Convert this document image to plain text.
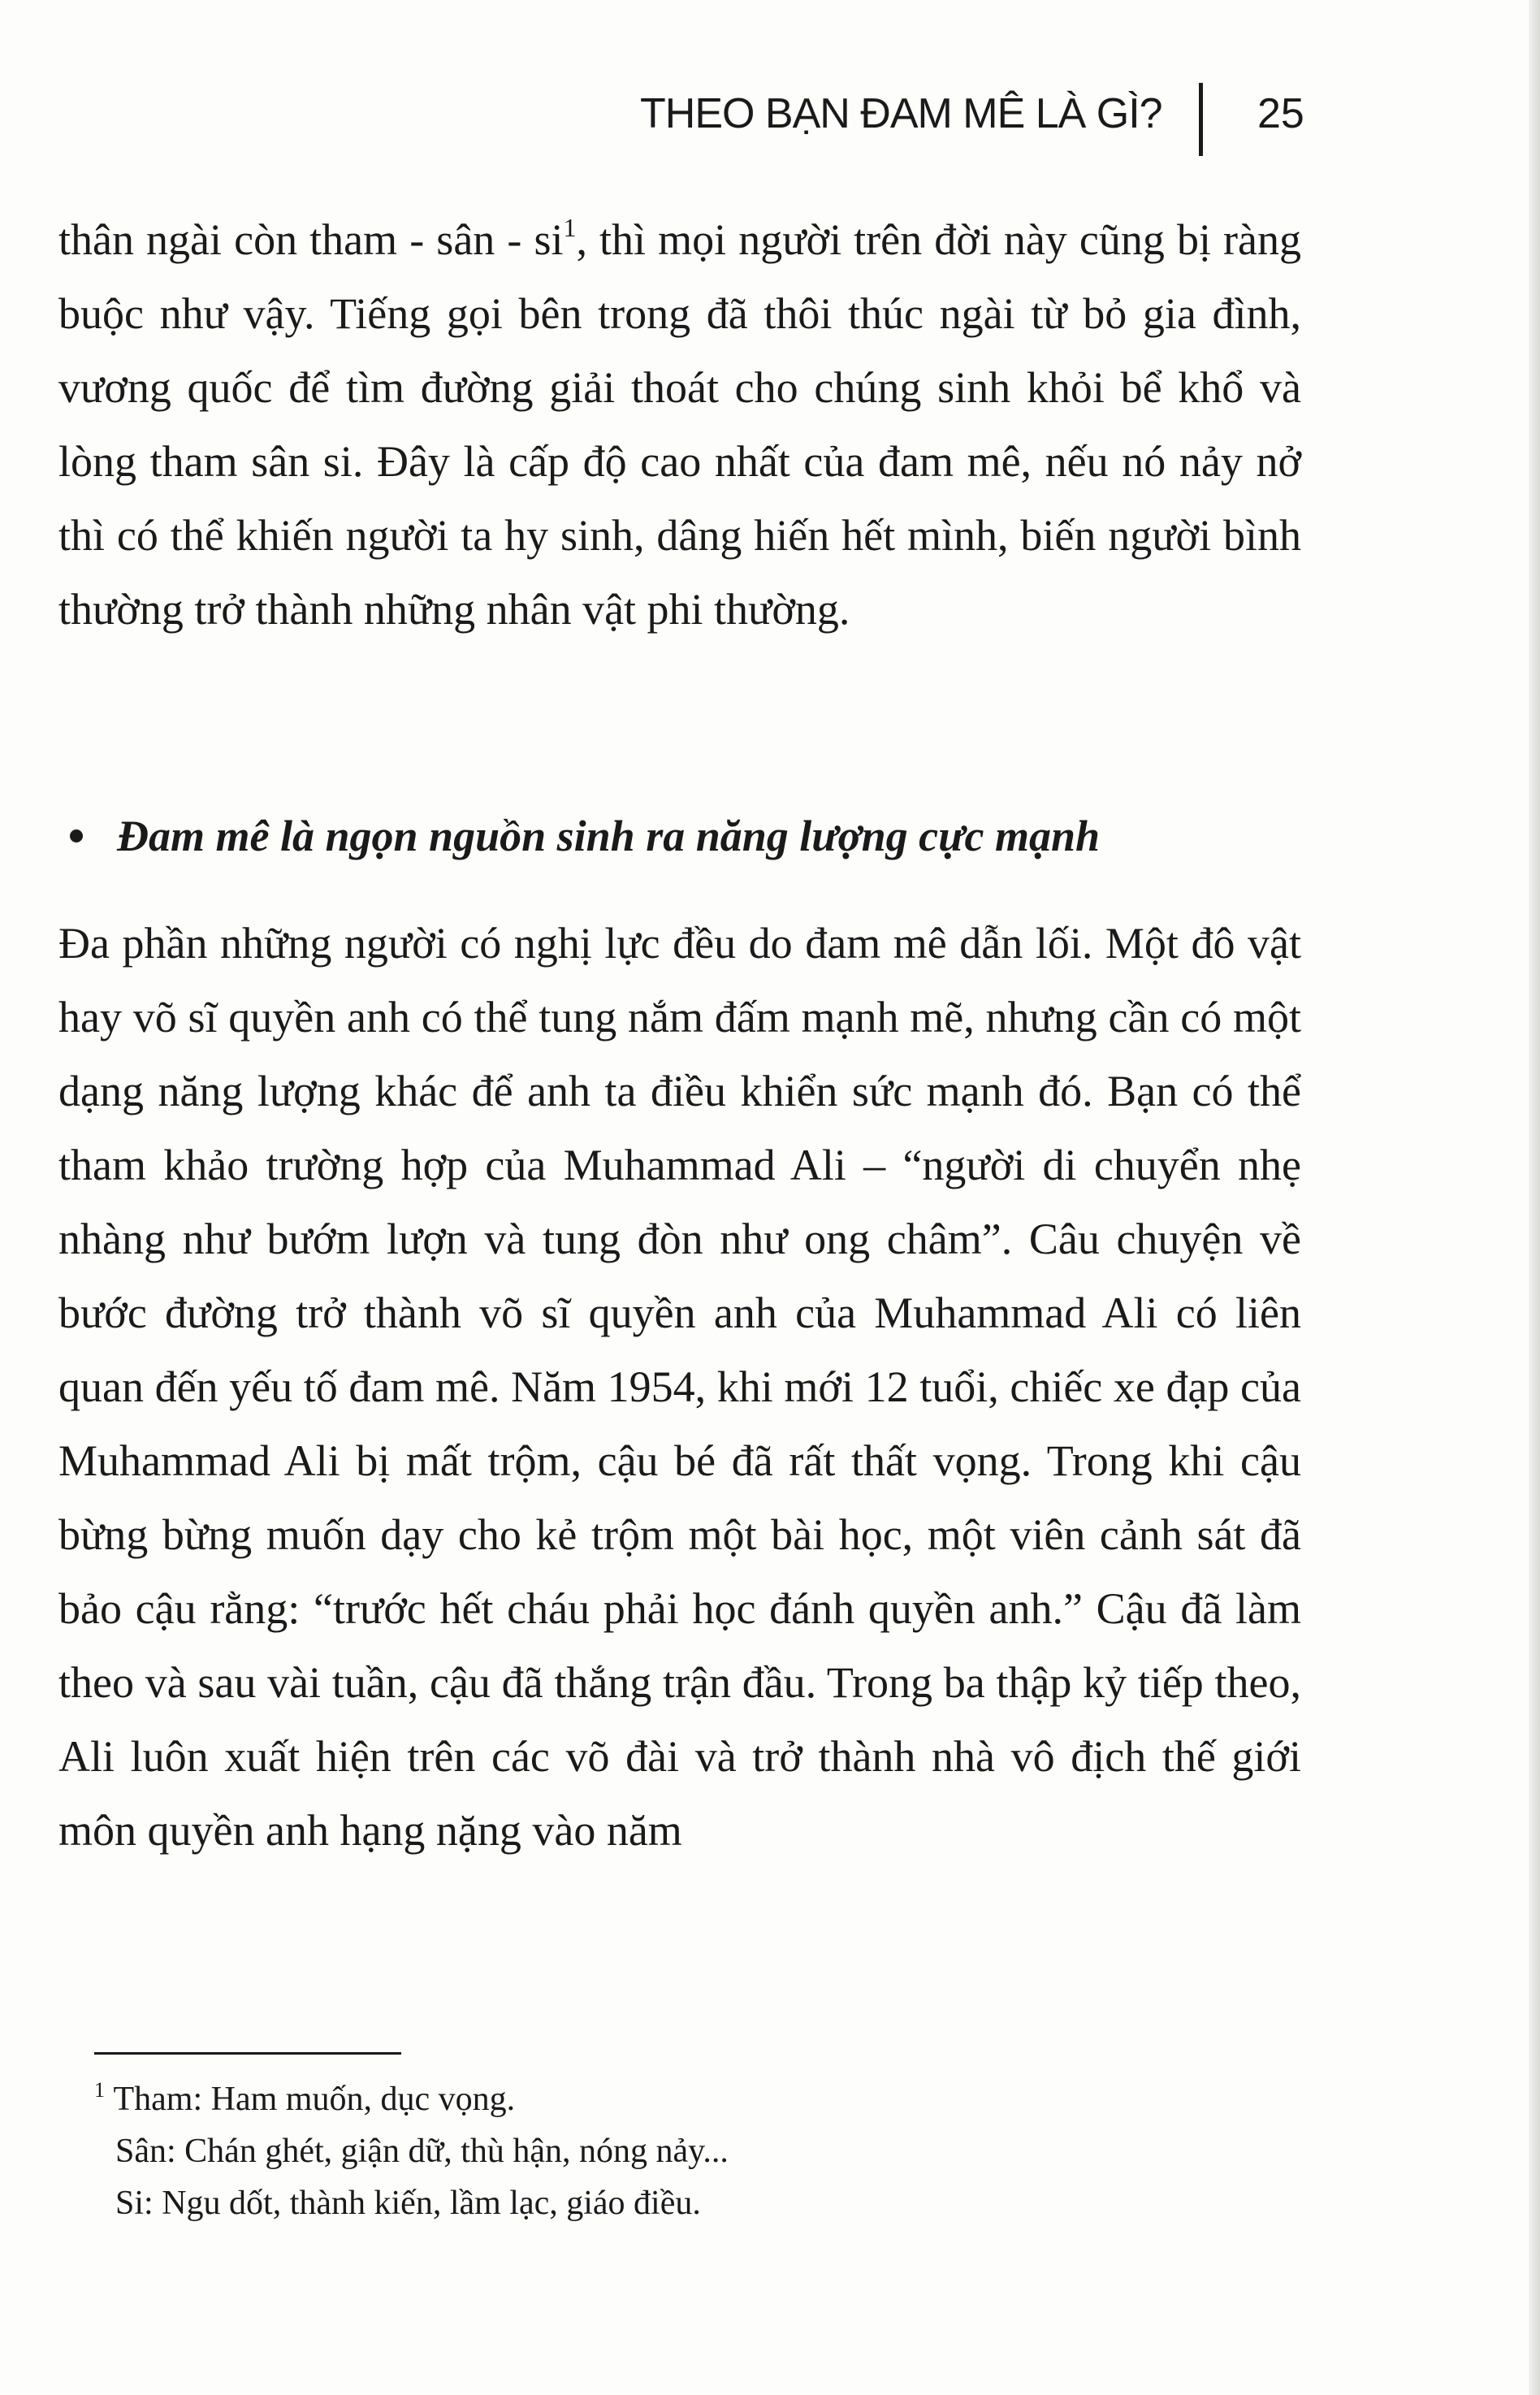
THEO BẠN ĐAM MÊ LÀ GÌ? 25

thân ngài còn tham - sân - $si^1$, thì mọi người trên đời này cũng bị ràng buộc như vậy. Tiếng gọi bên trong đã thôi thúc ngài từ bỏ gia đình, vương quốc để tìm đường giải thoát cho chúng sinh khỏi bể khổ và lòng tham sân si. Đây là cấp độ cao nhất của đam mê, nếu nó nảy nở thì có thể khiến người ta hy sinh, dâng hiến hết mình, biến người bình thường trở thành những nhân vật phi thường.

Đam mê là ngọn nguồn sinh ra năng lượng cực mạnh

Đa phần những người có nghị lực đều do đam mê dẫn lối. Một đô vật hay võ sĩ quyền anh có thể tung nắm đấm mạnh mẽ, nhưng cần có một dạng năng lượng khác để anh ta điều khiển sức mạnh đó. Bạn có thể tham khảo trường hợp của Muhammad Ali – “người di chuyển nhẹ nhàng như bướm lượn và tung đòn như ong châm”. Câu chuyện về bước đường trở thành võ sĩ quyền anh của Muhammad Ali có liên quan đến yếu tố đam mê. Năm 1954, khi mới 12 tuổi, chiếc xe đạp của Muhammad Ali bị mất trộm, cậu bé đã rất thất vọng. Trong khi cậu bừng bừng muốn dạy cho kẻ trộm một bài học, một viên cảnh sát đã bảo cậu rằng: “trước hết cháu phải học đánh quyền anh.” Cậu đã làm theo và sau vài tuần, cậu đã thắng trận đầu. Trong ba thập kỷ tiếp theo, Ali luôn xuất hiện trên các võ đài và trở thành nhà vô địch thế giới môn quyền anh hạng nặng vào năm

$^1$ Tham: Ham muốn, dục vọng.
Sân: Chán ghét, giận dữ, thù hận, nóng nảy...
Si: Ngu dốt, thành kiến, lầm lạc, giáo điều.
